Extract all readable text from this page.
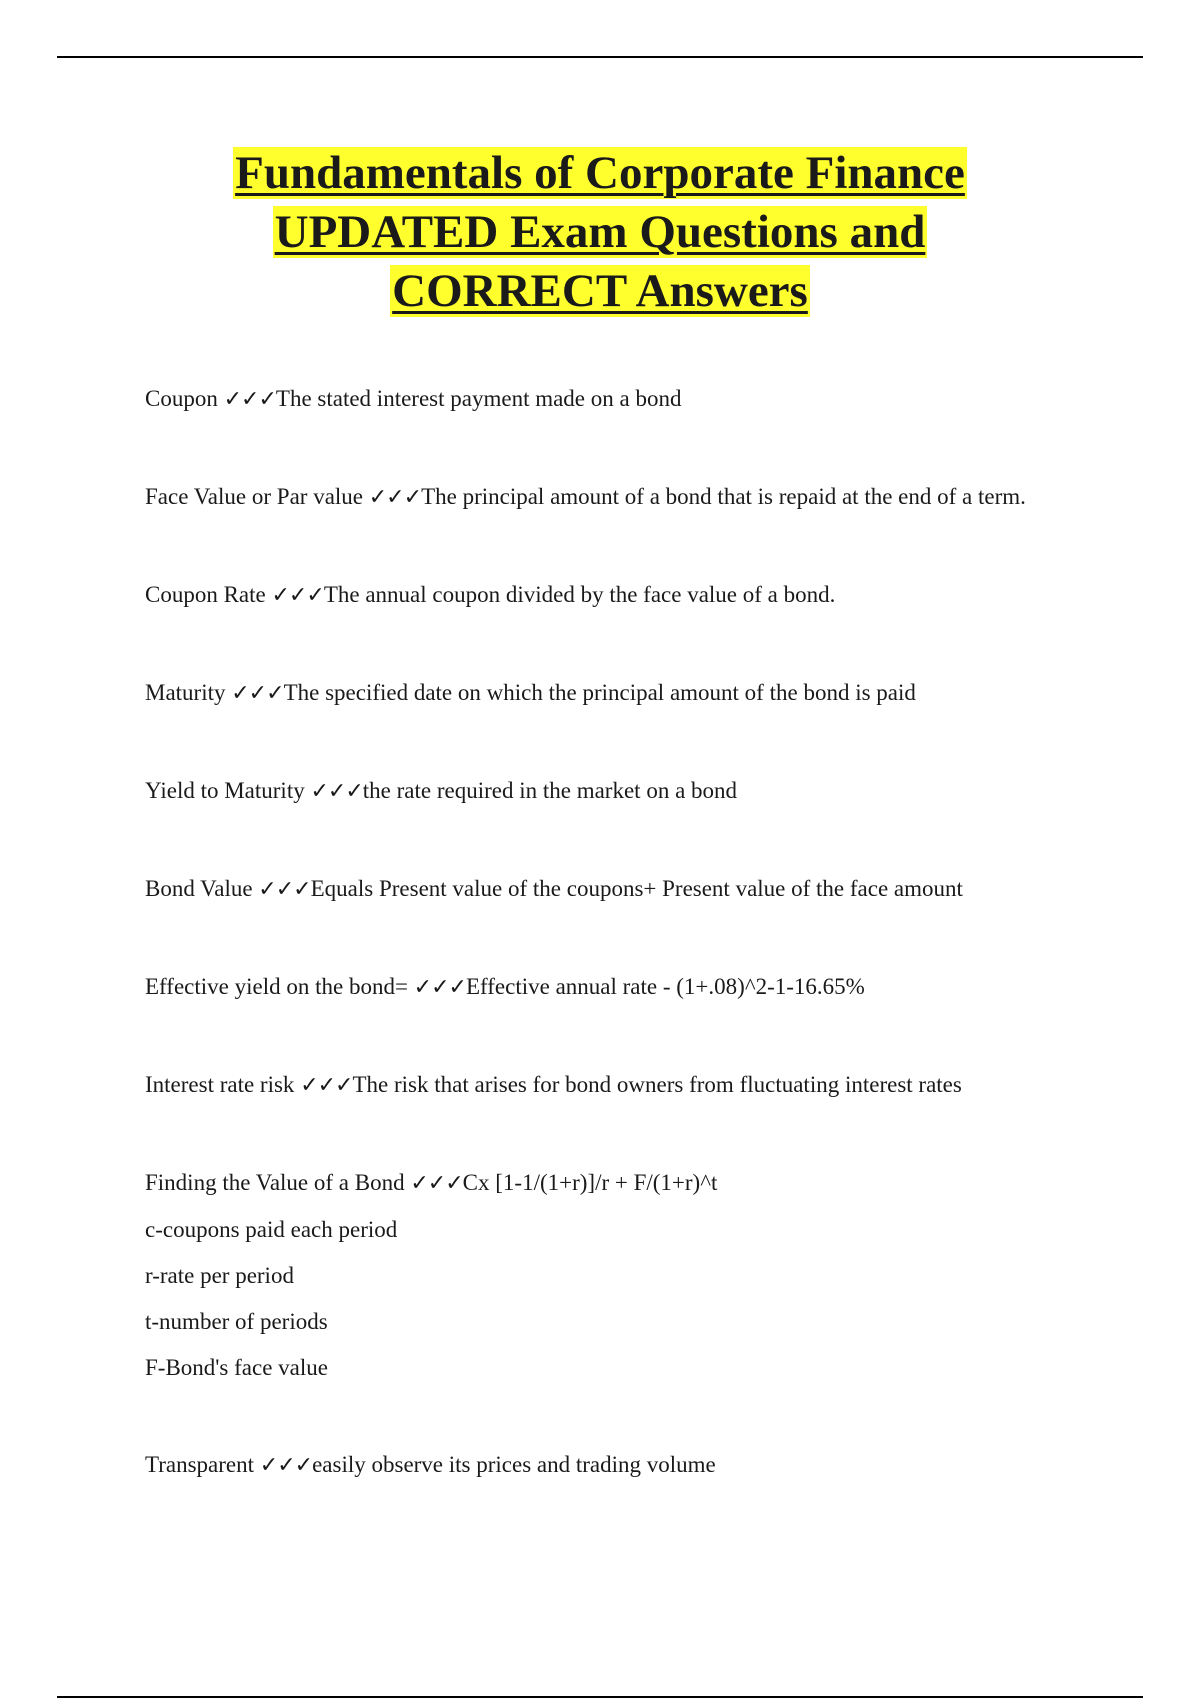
Fundamentals of Corporate Finance
UPDATED Exam Questions and
CORRECT Answers

Coupon ✓✓✓The stated interest payment made on a bond

Face Value or Par value ✓✓✓The principal amount of a bond that is repaid at the end of a term.

Coupon Rate ✓✓✓The annual coupon divided by the face value of a bond.

Maturity ✓✓✓The specified date on which the principal amount of the bond is paid

Yield to Maturity ✓✓✓the rate required in the market on a bond

Bond Value ✓✓✓Equals Present value of the coupons+ Present value of the face amount

Effective yield on the bond= ✓✓✓Effective annual rate - (1+.08)^2-1-16.65%

Interest rate risk ✓✓✓The risk that arises for bond owners from fluctuating interest rates

Finding the Value of a Bond ✓✓✓Cx [1-1/(1+r)]/r + F/(1+r)^t

c-coupons paid each period

r-rate per period

t-number of periods

F-Bond's face value

Transparent ✓✓✓easily observe its prices and trading volume
